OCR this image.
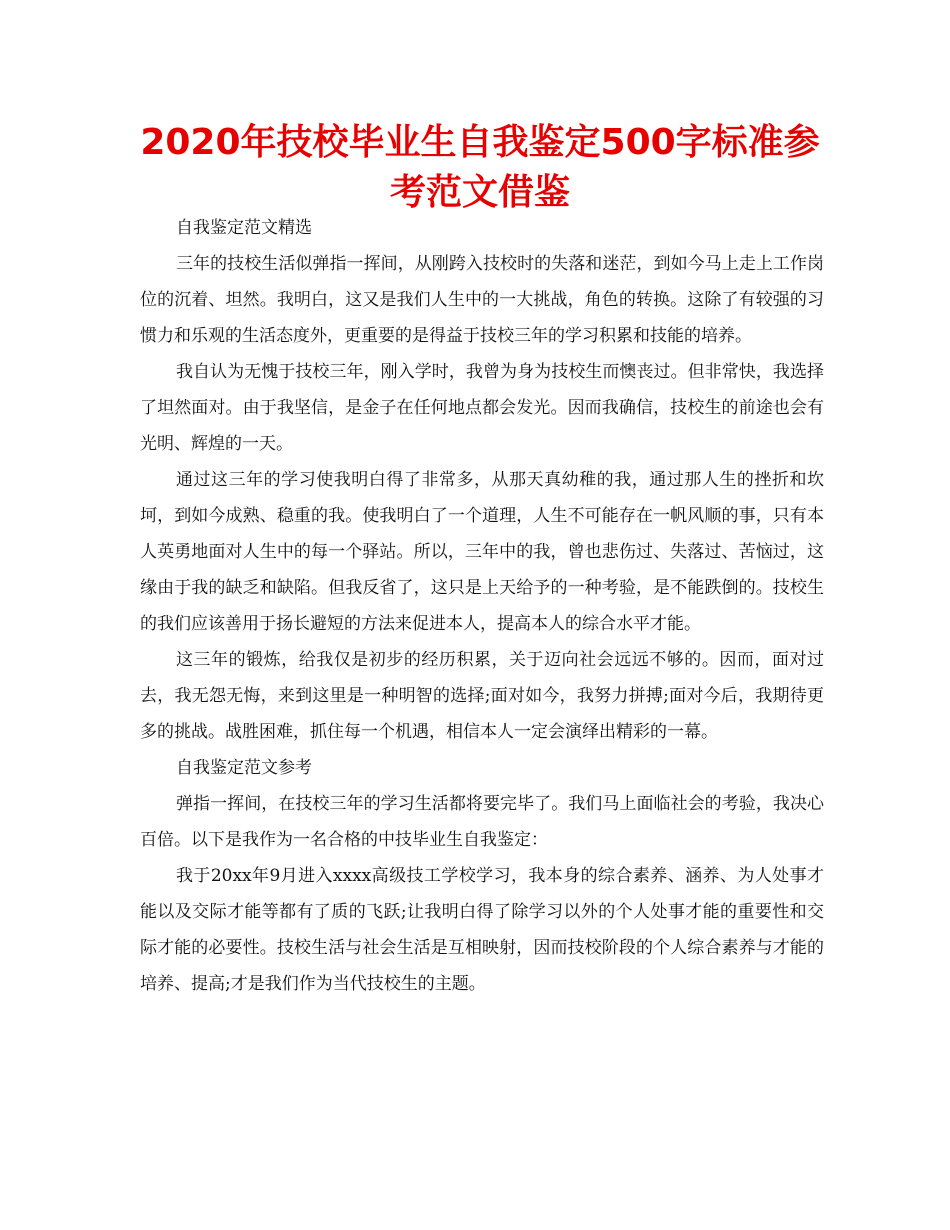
2020年技校毕业生自我鉴定500字标准参考范文借鉴

自我鉴定范文精选

三年的技校生活似弹指一挥间，从刚跨入技校时的失落和迷茫，到如今马上走上工作岗位的沉着、坦然。我明白，这又是我们人生中的一大挑战，角色的转换。这除了有较强的习惯力和乐观的生活态度外，更重要的是得益于技校三年的学习积累和技能的培养。

我自认为无愧于技校三年，刚入学时，我曾为身为技校生而懊丧过。但非常快，我选择了坦然面对。由于我坚信，是金子在任何地点都会发光。因而我确信，技校生的前途也会有光明、辉煌的一天。

通过这三年的学习使我明白得了非常多，从那天真幼稚的我，通过那人生的挫折和坎坷，到如今成熟、稳重的我。使我明白了一个道理，人生不可能存在一帆风顺的事，只有本人英勇地面对人生中的每一个驿站。所以，三年中的我，曾也悲伤过、失落过、苦恼过，这缘由于我的缺乏和缺陷。但我反省了，这只是上天给予的一种考验，是不能跌倒的。技校生的我们应该善用于扬长避短的方法来促进本人，提高本人的综合水平才能。

这三年的锻炼，给我仅是初步的经历积累，关于迈向社会远远不够的。因而，面对过去，我无怨无悔，来到这里是一种明智的选择;面对如今，我努力拼搏;面对今后，我期待更多的挑战。战胜困难，抓住每一个机遇，相信本人一定会演绎出精彩的一幕。

自我鉴定范文参考

弹指一挥间，在技校三年的学习生活都将要完毕了。我们马上面临社会的考验，我决心百倍。以下是我作为一名合格的中技毕业生自我鉴定：

我于20xx年9月进入xxxx高级技工学校学习，我本身的综合素养、涵养、为人处事才能以及交际才能等都有了质的飞跃;让我明白得了除学习以外的个人处事才能的重要性和交际才能的必要性。技校生活与社会生活是互相映射，因而技校阶段的个人综合素养与才能的培养、提高;才是我们作为当代技校生的主题。
